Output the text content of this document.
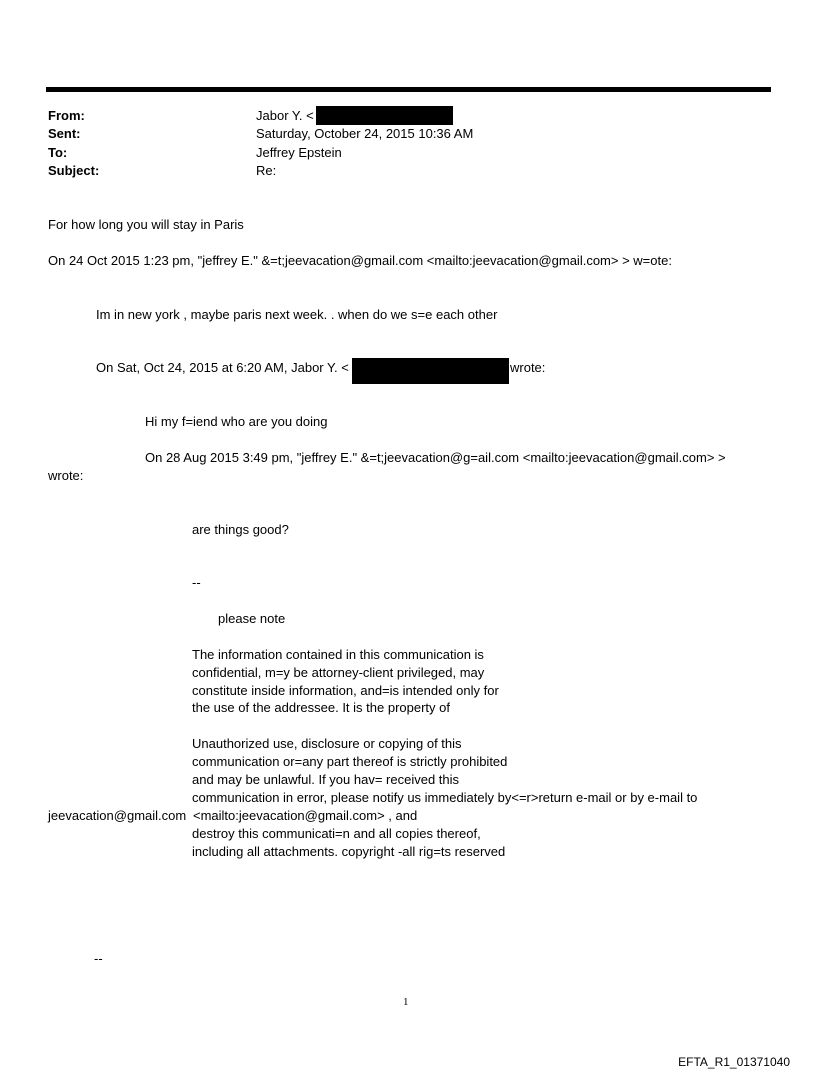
From:	Jabor Y. <
Sent:	Saturday, October 24, 2015 10:36 AM
To:	Jeffrey Epstein
Subject:	Re:
For how long you will stay in Paris
On 24 Oct 2015 1:23 pm, "jeffrey E." &=t;jeevacation@gmail.com <mailto:jeevacation@gmail.com> > w=ote:
Im in new york , maybe paris next week. . when do we s=e each other
On Sat, Oct 24, 2015 at 6:20 AM, Jabor Y. <	wrote:
Hi my f=iend who are you doing
On 28 Aug 2015 3:49 pm, "jeffrey E." &=t;jeevacation@g=ail.com <mailto:jeevacation@gmail.com> >
wrote:
are things good?
--
please note
The information contained in this communication is
confidential, m=y be attorney-client privileged, may
constitute inside information, and=is intended only for
the use of the addressee. It is the property of
Unauthorized use, disclosure or copying of this
communication or=any part thereof is strictly prohibited
and may be unlawful. If you hav= received this
communication in error, please notify us immediately by<=r>return e-mail or by e-mail to
jeevacation@gmail.com <mailto:jeevacation@gmail.com> , and
destroy this communicati=n and all copies thereof,
including all attachments. copyright -all rig=ts reserved
--
1
EFTA_R1_01371040
